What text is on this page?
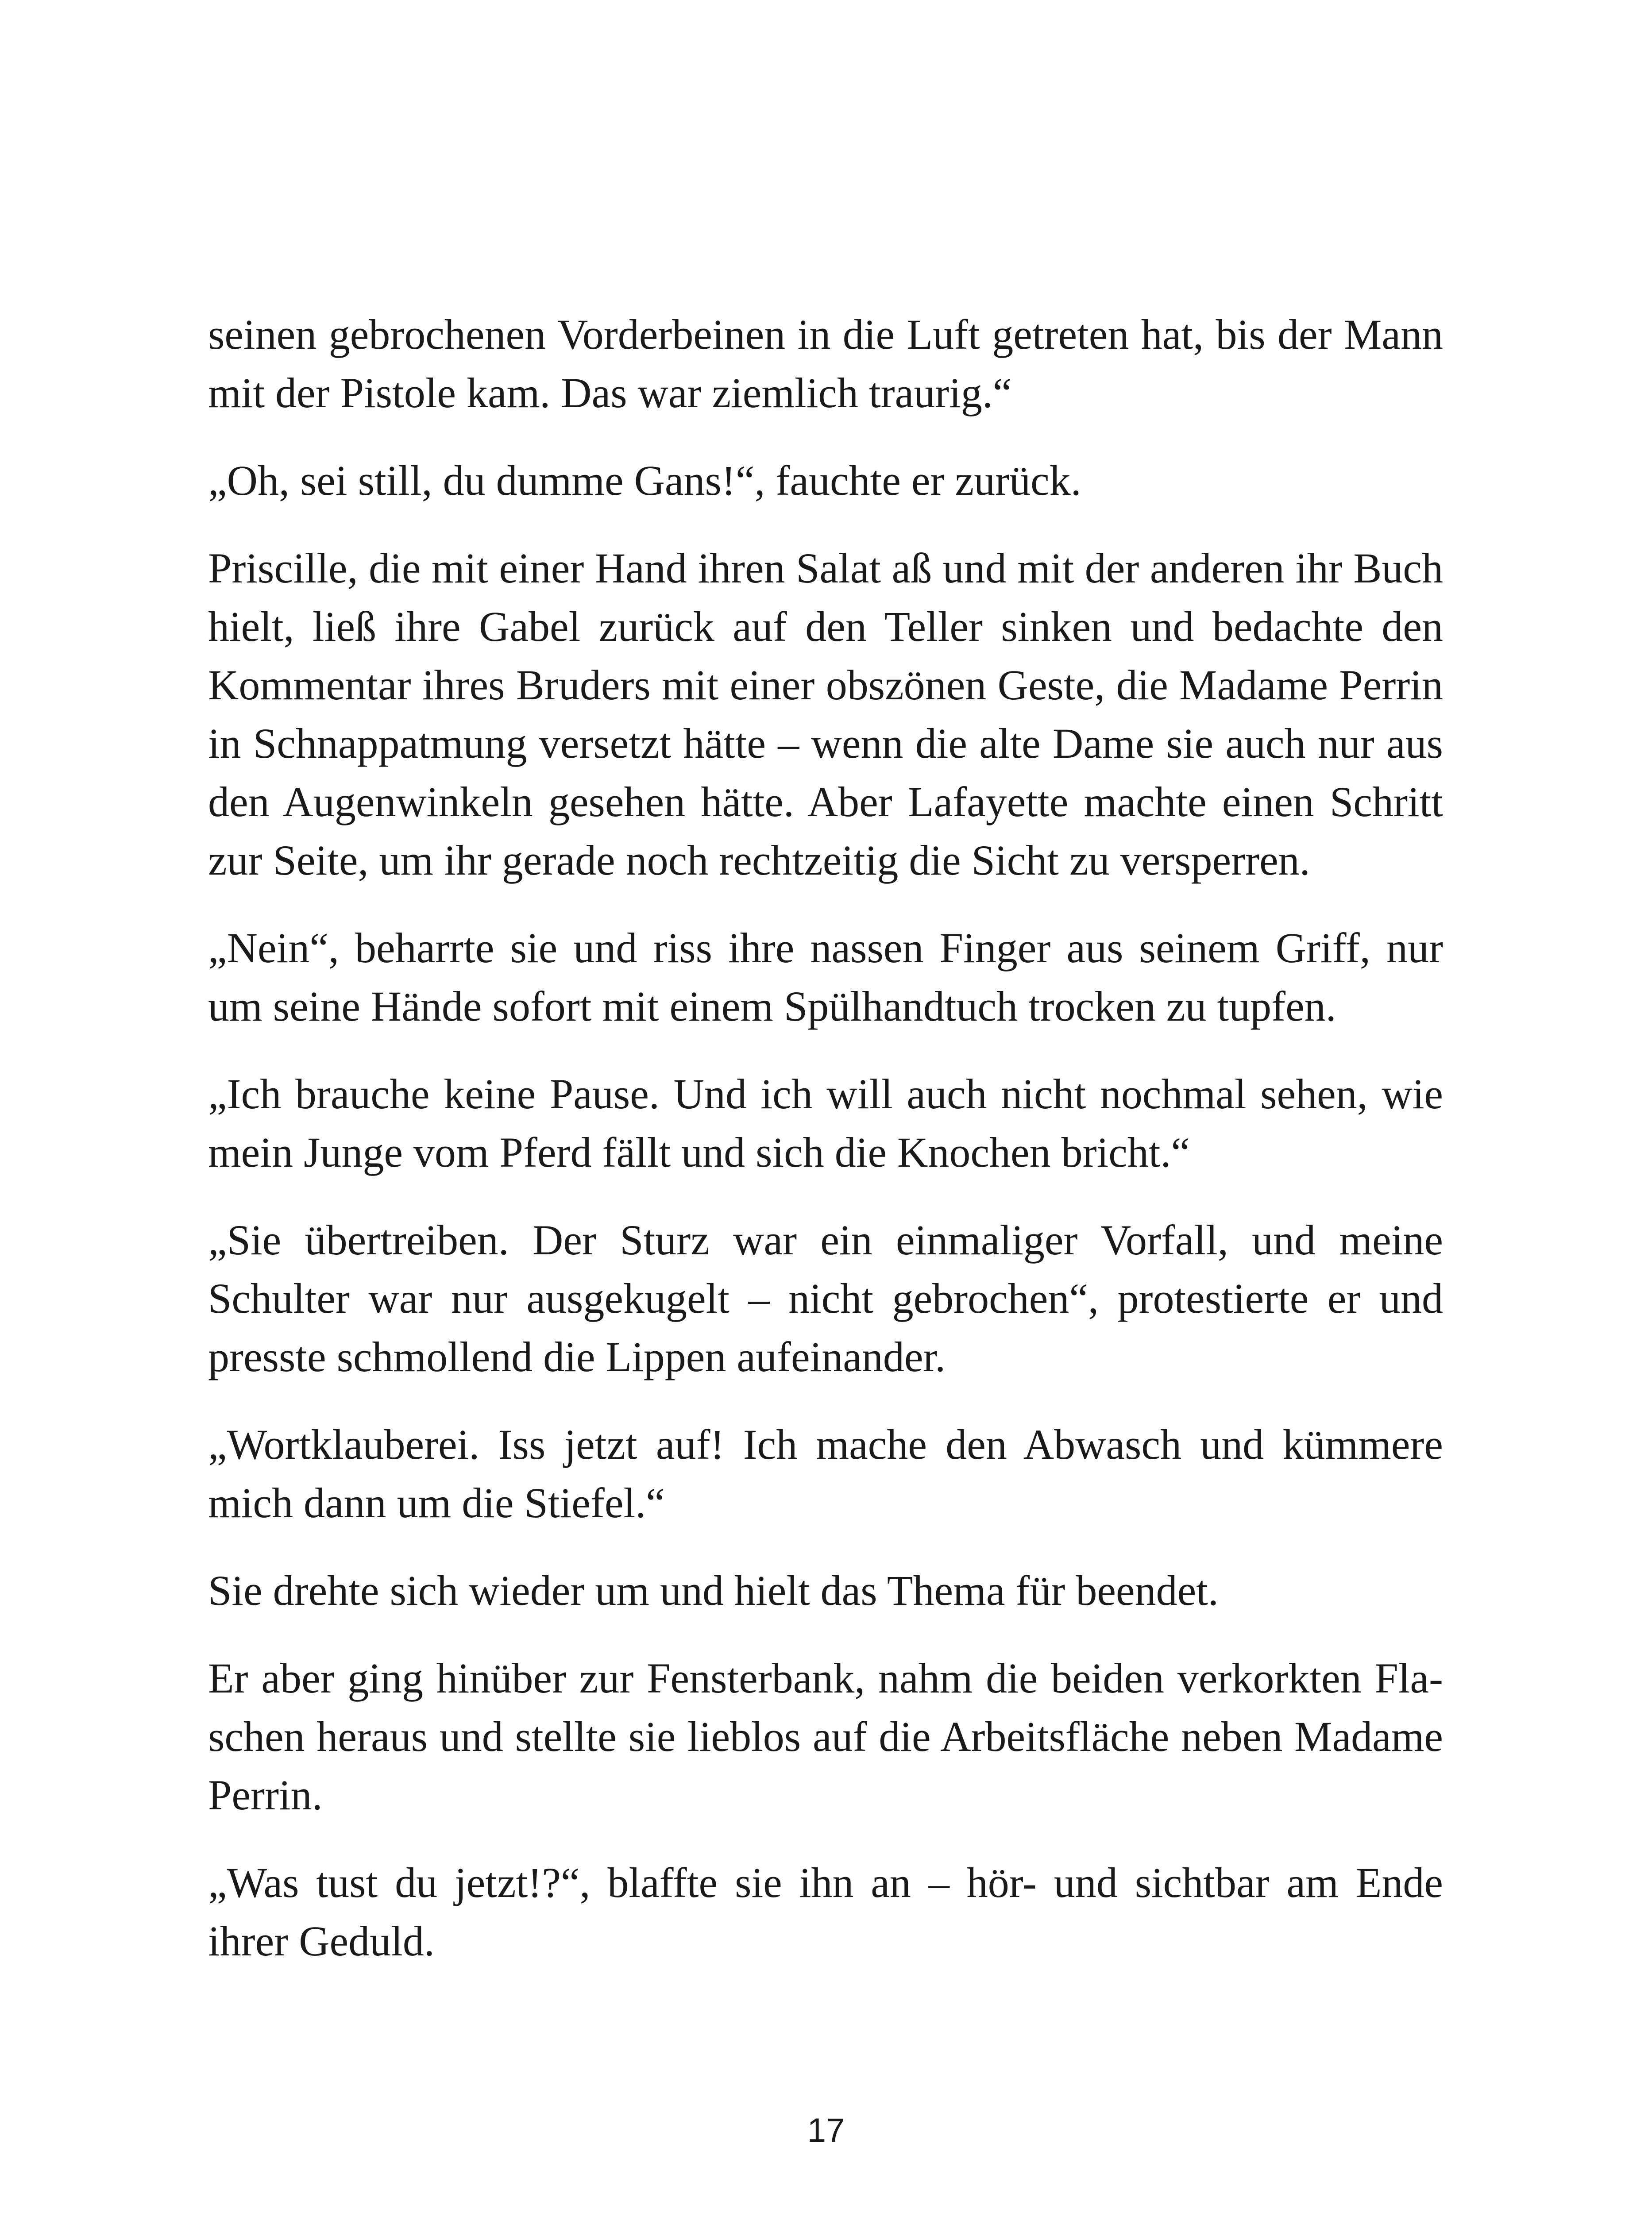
seinen gebrochenen Vorderbeinen in die Luft getreten hat, bis der Mann mit der Pistole kam. Das war ziemlich traurig.“

„Oh, sei still, du dumme Gans!“, fauchte er zurück.

Priscille, die mit einer Hand ihren Salat aß und mit der anderen ihr Buch hielt, ließ ihre Gabel zurück auf den Teller sinken und bedachte den Kommentar ihres Bruders mit einer obszönen Geste, die Madame Perrin in Schnappatmung versetzt hätte – wenn die alte Dame sie auch nur aus den Augenwinkeln gesehen hätte. Aber Lafayette machte einen Schritt zur Seite, um ihr gerade noch rechtzeitig die Sicht zu versperren.

„Nein“, beharrte sie und riss ihre nassen Finger aus seinem Griff, nur um seine Hände sofort mit einem Spülhandtuch trocken zu tupfen.

„Ich brauche keine Pause. Und ich will auch nicht nochmal sehen, wie mein Junge vom Pferd fällt und sich die Knochen bricht.“

„Sie übertreiben. Der Sturz war ein einmaliger Vorfall, und meine Schulter war nur ausgekugelt – nicht gebrochen“, protestierte er und presste schmollend die Lippen aufeinander.

„Wortklauberei. Iss jetzt auf! Ich mache den Abwasch und kümmere mich dann um die Stiefel.“

Sie drehte sich wieder um und hielt das Thema für beendet.

Er aber ging hinüber zur Fensterbank, nahm die beiden verkorkten Flaschen heraus und stellte sie lieblos auf die Arbeitsfläche neben Madame Perrin.

„Was tust du jetzt!?“, blaffte sie ihn an – hör- und sichtbar am Ende ihrer Geduld.

17
